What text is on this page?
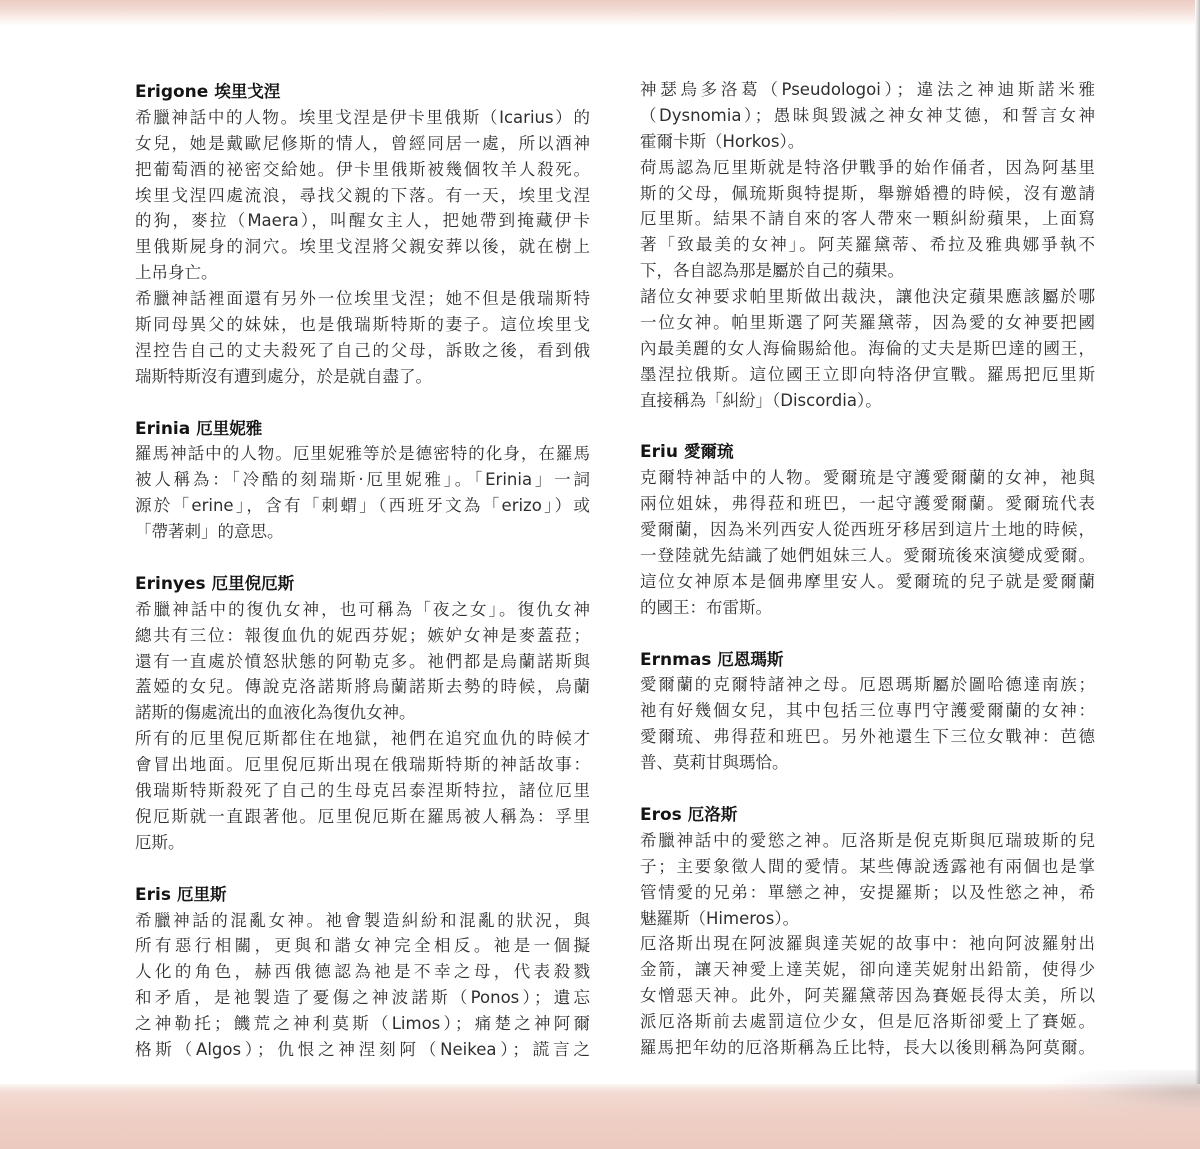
Erigone 埃里戈涅
希臘神話中的人物。埃里戈涅是伊卡里俄斯（Icarius）的
女兒，她是戴歐尼修斯的情人，曾經同居一處，所以酒神
把葡萄酒的祕密交給她。伊卡里俄斯被幾個牧羊人殺死。
埃里戈涅四處流浪，尋找父親的下落。有一天，埃里戈涅
的狗，麥拉（Maera），叫醒女主人，把她帶到掩藏伊卡
里俄斯屍身的洞穴。埃里戈涅將父親安葬以後，就在樹上
上吊身亡。
希臘神話裡面還有另外一位埃里戈涅；她不但是俄瑞斯特
斯同母異父的妹妹，也是俄瑞斯特斯的妻子。這位埃里戈
涅控告自己的丈夫殺死了自己的父母，訴敗之後，看到俄
瑞斯特斯沒有遭到處分，於是就自盡了。
Erinia 厄里妮雅
羅馬神話中的人物。厄里妮雅等於是德密特的化身，在羅馬
被人稱為：「冷酷的刻瑞斯‧厄里妮雅」。「Erinia」一詞
源於「erine」，含有「刺蝟」（西班牙文為「erizo」）或
「帶著刺」的意思。
Erinyes 厄里倪厄斯
希臘神話中的復仇女神，也可稱為「夜之女」。復仇女神
總共有三位：報復血仇的妮西芬妮；嫉妒女神是麥蓋菈；
還有一直處於憤怒狀態的阿勒克多。祂們都是烏蘭諾斯與
蓋婭的女兒。傳說克洛諾斯將烏蘭諾斯去勢的時候，烏蘭
諾斯的傷處流出的血液化為復仇女神。
所有的厄里倪厄斯都住在地獄，祂們在追究血仇的時候才
會冒出地面。厄里倪厄斯出現在俄瑞斯特斯的神話故事：
俄瑞斯特斯殺死了自己的生母克呂泰涅斯特拉，諸位厄里
倪厄斯就一直跟著他。厄里倪厄斯在羅馬被人稱為：孚里
厄斯。
Eris 厄里斯
希臘神話的混亂女神。祂會製造糾紛和混亂的狀況，與
所有惡行相關，更與和諧女神完全相反。祂是一個擬
人化的角色，赫西俄德認為祂是不幸之母，代表殺戮
和矛盾，是祂製造了憂傷之神波諾斯（Ponos）；遺忘
之神勒托；饑荒之神利莫斯（Limos）；痛楚之神阿爾
格斯（Algos）；仇恨之神涅刻阿（Neikea）；謊言之
神瑟烏多洛葛（Pseudologoi）；違法之神迪斯諾米雅
（Dysnomia）；愚昧與毀滅之神女神艾德，和誓言女神
霍爾卡斯（Horkos）。
荷馬認為厄里斯就是特洛伊戰爭的始作俑者，因為阿基里
斯的父母，佩琉斯與特提斯，舉辦婚禮的時候，沒有邀請
厄里斯。結果不請自來的客人帶來一顆糾紛蘋果，上面寫
著「致最美的女神」。阿芙羅黛蒂、希拉及雅典娜爭執不
下，各自認為那是屬於自己的蘋果。
諸位女神要求帕里斯做出裁決，讓他決定蘋果應該屬於哪
一位女神。帕里斯選了阿芙羅黛蒂，因為愛的女神要把國
內最美麗的女人海倫賜給他。海倫的丈夫是斯巴達的國王，
墨涅拉俄斯。這位國王立即向特洛伊宣戰。羅馬把厄里斯
直接稱為「糾紛」（Discordia）。
Eriu 愛爾琉
克爾特神話中的人物。愛爾琉是守護愛爾蘭的女神，祂與
兩位姐妹，弗得菈和班巴，一起守護愛爾蘭。愛爾琉代表
愛爾蘭，因為米列西安人從西班牙移居到這片土地的時候，
一登陸就先結識了她們姐妹三人。愛爾琉後來演變成愛爾。
這位女神原本是個弗摩里安人。愛爾琉的兒子就是愛爾蘭
的國王：布雷斯。
Ernmas 厄恩瑪斯
愛爾蘭的克爾特諸神之母。厄恩瑪斯屬於圖哈德達南族；
祂有好幾個女兒，其中包括三位專門守護愛爾蘭的女神：
愛爾琉、弗得菈和班巴。另外祂還生下三位女戰神：芭德
普、莫莉甘與瑪恰。
Eros 厄洛斯
希臘神話中的愛慾之神。厄洛斯是倪克斯與厄瑞玻斯的兒
子；主要象徵人間的愛情。某些傳說透露祂有兩個也是掌
管情愛的兄弟：單戀之神，安提羅斯；以及性慾之神，希
魅羅斯（Himeros）。
厄洛斯出現在阿波羅與達芙妮的故事中：祂向阿波羅射出
金箭，讓天神愛上達芙妮，卻向達芙妮射出鉛箭，使得少
女憎惡天神。此外，阿芙羅黛蒂因為賽姬長得太美，所以
派厄洛斯前去處罰這位少女，但是厄洛斯卻愛上了賽姬。
羅馬把年幼的厄洛斯稱為丘比特，長大以後則稱為阿莫爾。
